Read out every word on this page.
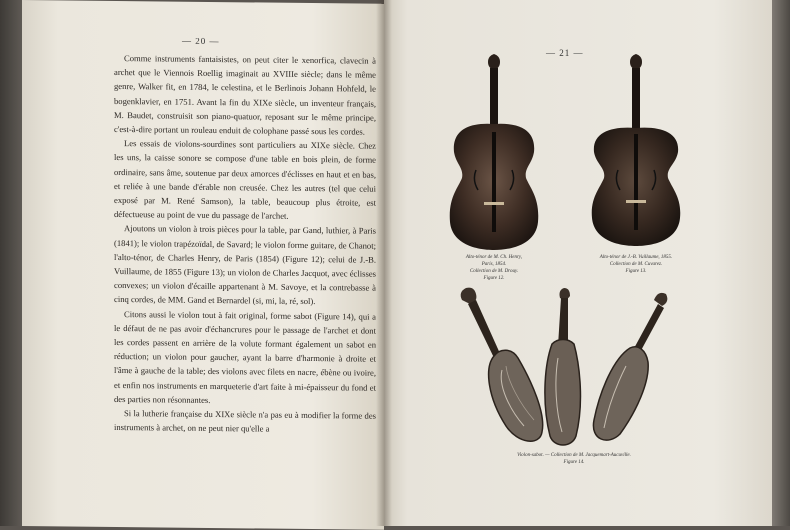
— 20 —

Comme instruments fantaisistes, on peut citer le xenorfica, clavecin à archet que le Viennois Roellig imaginait au XVIIIe siècle; dans le même genre, Walker fit, en 1784, le celestina, et le Berlinois Johann Hohfeld, le bogenklavier, en 1751. Avant la fin du XIXe siècle, un inventeur français, M. Baudet, construisit son piano-quatuor, reposant sur le même principe, c'est-à-dire portant un rouleau enduit de colophane passé sous les cordes.

Les essais de violons-sourdines sont particuliers au XIXe siècle. Chez les uns, la caisse sonore se compose d'une table en bois plein, de forme ordinaire, sans âme, soutenue par deux amorces d'éclisses en haut et en bas, et reliée à une bande d'érable non creusée. Chez les autres (tel que celui exposé par M. René Samson), la table, beaucoup plus étroite, est défectueuse au point de vue du passage de l'archet.

Ajoutons un violon à trois pièces pour la table, par Gand, luthier, à Paris (1841); le violon trapézoïdal, de Savard; le violon forme guitare, de Chanot; l'alto-ténor, de Charles Henry, de Paris (1854) (Figure 12); celui de J.-B. Vuillaume, de 1855 (Figure 13); un violon de Charles Jacquot, avec éclisses convexes; un violon d'écaille appartenant à M. Savoye, et la contrebasse à cinq cordes, de MM. Gand et Bernardel (si, mi, la, ré, sol).

Citons aussi le violon tout à fait original, forme sabot (Figure 14), qui a le défaut de ne pas avoir d'échancrures pour le passage de l'archet et dont les cordes passent en arrière de la volute formant également un sabot en réduction; un violon pour gaucher, ayant la barre d'harmonie à droite et l'âme à gauche de la table; des violons avec filets en nacre, ébène ou ivoire, et enfin nos instruments en marqueterie d'art faite à mi-épaisseur du fond et des parties non résonnantes.

Si la lutherie française du XIXe siècle n'a pas eu à modifier la forme des instruments à archet, on ne peut nier qu'elle a

— 21 —
Alto-ténor de M. Ch. Henry,
Paris, 1854.
Collection de M. Drouy.
Figure 12.
Alto-ténor de J.-B. Vuillaume, 1855.
Collection de M. Cuvarez.
Figure 13.
Violon-sabot. — Collection de M. Jacquemart-Aucuville.
Figure 14.
